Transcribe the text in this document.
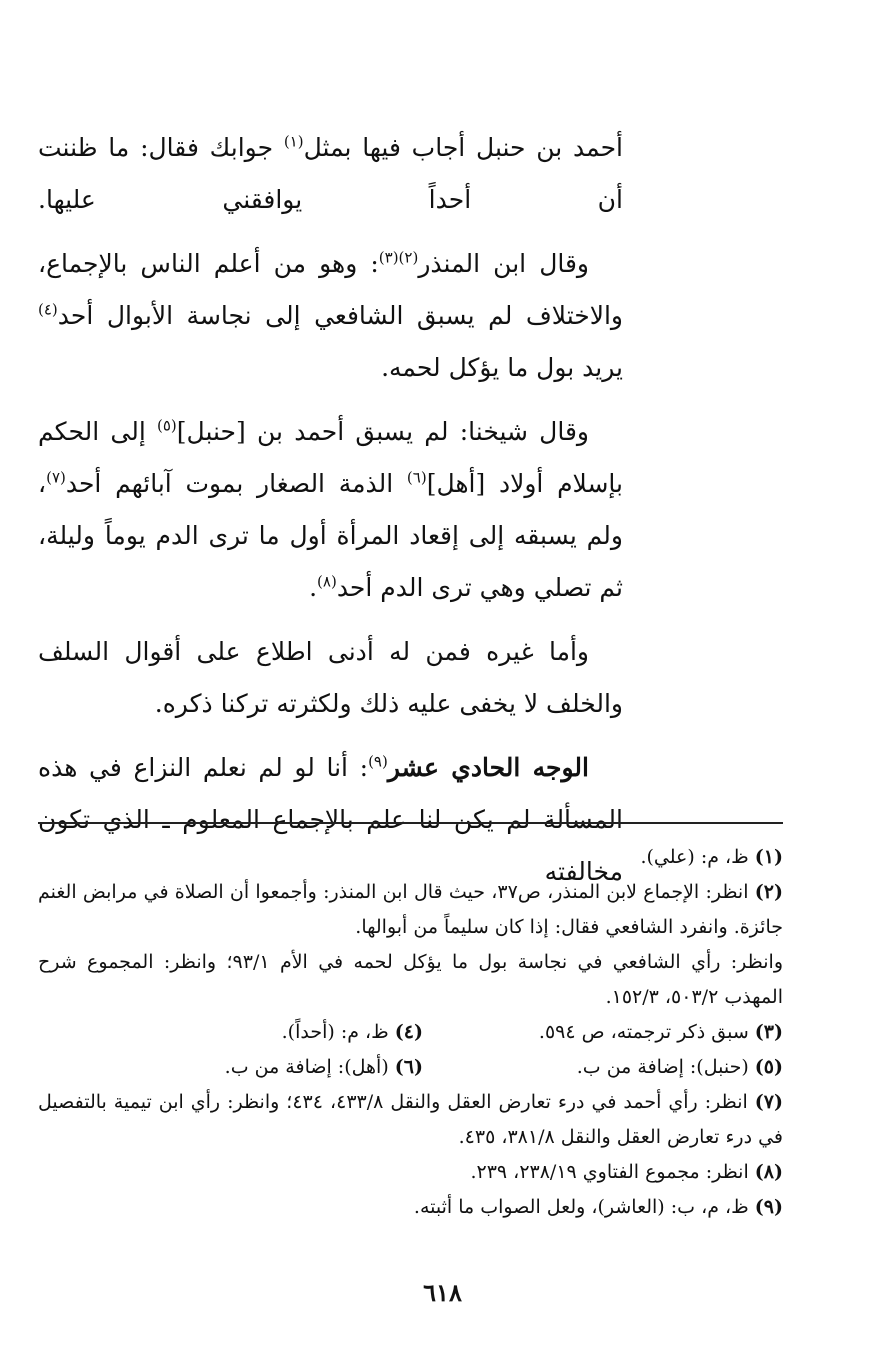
أحمد بن حنبل أجاب فيها بمثل$^{(١)}$ جوابك فقال: ما ظننت أن أحداً يوافقني عليها.

وقال ابن المنذر$^{(٢)(٣)}$: وهو من أعلم الناس بالإجماع، والاختلاف لم يسبق الشافعي إلى نجاسة الأبوال أحد$^{(٤)}$ يريد بول ما يؤكل لحمه.

وقال شيخنا: لم يسبق أحمد بن [حنبل]$^{(٥)}$ إلى الحكم بإسلام أولاد [أهل]$^{(٦)}$ الذمة الصغار بموت آبائهم أحد$^{(٧)}$، ولم يسبقه إلى إقعاد المرأة أول ما ترى الدم يوماً وليلة، ثم تصلي وهي ترى الدم أحد$^{(٨)}$.

وأما غيره فمن له أدنى اطلاع على أقوال السلف والخلف لا يخفى عليه ذلك ولكثرته تركنا ذكره.

الوجه الحادي عشر$^{(٩)}$: أنا لو لم نعلم النزاع في هذه المسألة لم يكن لنا علم بالإجماع المعلوم ـ الذي تكون مخالفته	(١) ظ، م: (علي).

(٢) انظر: الإجماع لابن المنذر، ص٣٧، حيث قال ابن المنذر: وأجمعوا أن الصلاة في مرابض الغنم جائزة. وانفرد الشافعي فقال: إذا كان سليماً من أبوالها.

وانظر: رأي الشافعي في نجاسة بول ما يؤكل لحمه في الأم ٩٣/١؛ وانظر: المجموع شرح المهذب ٥٠٣/٢، ١٥٢/٣.

(٣) سبق ذكر ترجمته، ص ٥٩٤.
(٤) ظ، م: (أحداً).
(٥) (حنبل): إضافة من ب.
(٦) (أهل): إضافة من ب.

(٧) انظر: رأي أحمد في درء تعارض العقل والنقل ٤٣٣/٨، ٤٣٤؛ وانظر: رأي ابن تيمية بالتفصيل في درء تعارض العقل والنقل ٣٨١/٨، ٤٣٥.

(٨) انظر: مجموع الفتاوي ٢٣٨/١٩، ٢٣٩.

(٩) ظ، م، ب: (العاشر)، ولعل الصواب ما أثبته.

٦١٨
